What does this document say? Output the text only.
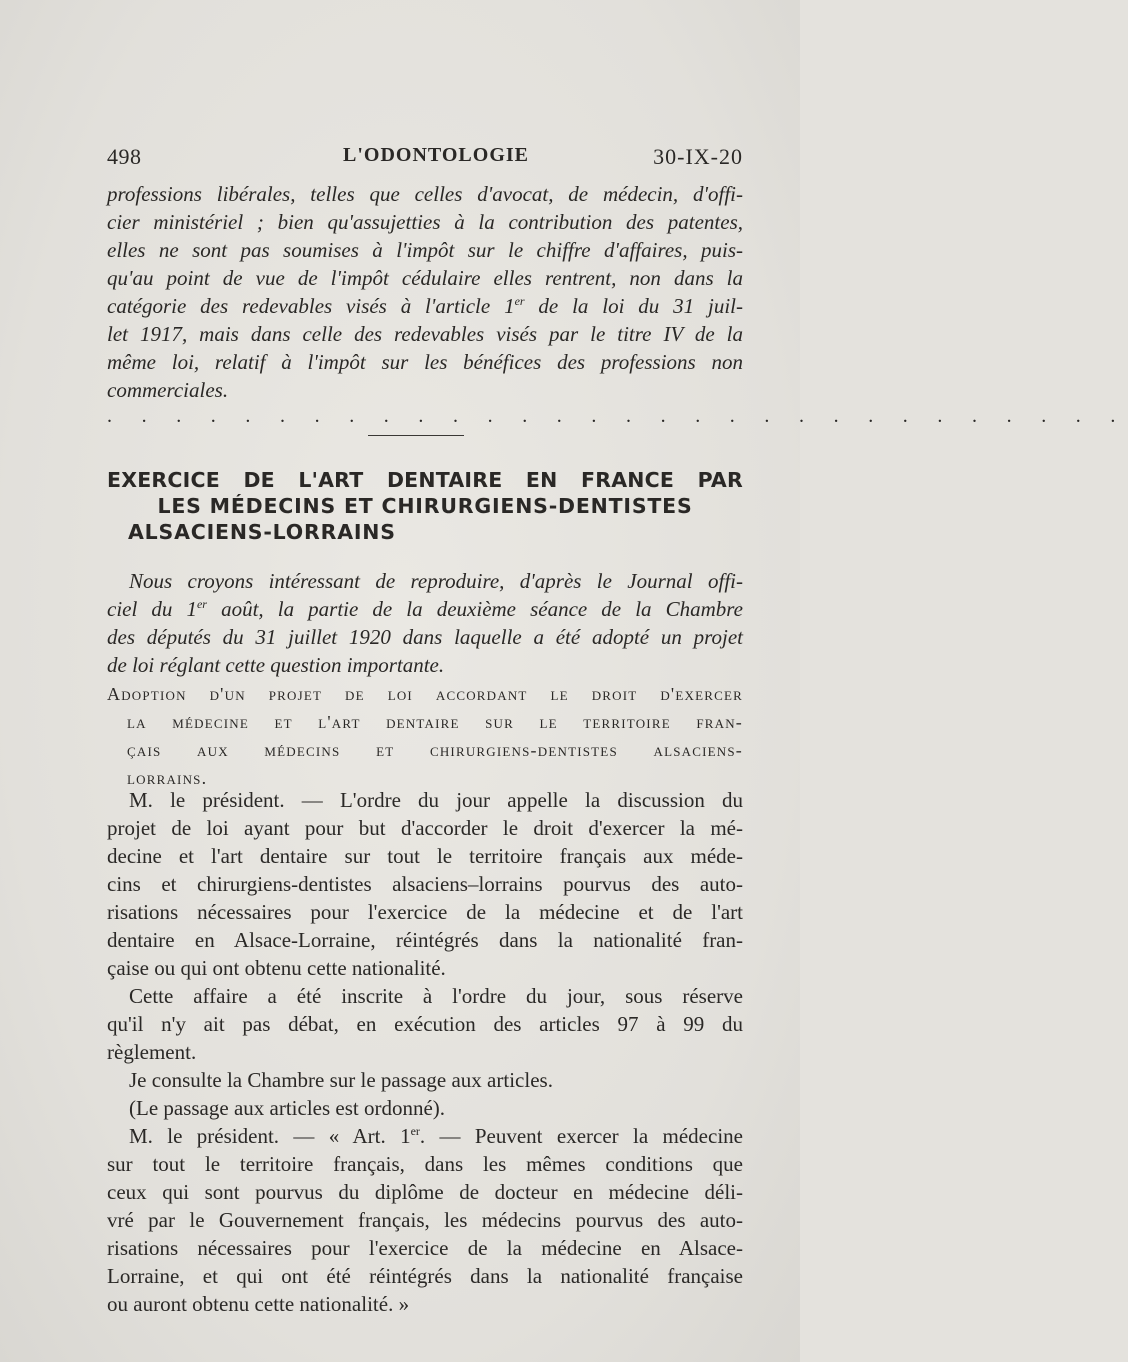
498	L'ODONTOLOGIE	30-IX-20
professions libérales, telles que celles d'avocat, de médecin, d'offi-
cier ministériel ; bien qu'assujetties à la contribution des patentes,
elles ne sont pas soumises à l'impôt sur le chiffre d'affaires, puis-
qu'au point de vue de l'impôt cédulaire elles rentrent, non dans la
catégorie des redevables visés à l'article 1er de la loi du 31 juil-
let 1917, mais dans celle des redevables visés par le titre IV de la
même loi, relatif à l'impôt sur les bénéfices des professions non
commerciales.
. . . . . . . . . . . . . . . . . . . . . . . . . . . . . .
EXERCICE DE L'ART DENTAIRE EN FRANCE PAR
LES MÉDECINS ET CHIRURGIENS-DENTISTES
ALSACIENS-LORRAINS
Nous croyons intéressant de reproduire, d'après le Journal offi-
ciel du 1er août, la partie de la deuxième séance de la Chambre
des députés du 31 juillet 1920 dans laquelle a été adopté un projet
de loi réglant cette question importante.
Adoption d'un projet de loi accordant le droit d'exercer
la médecine et l'art dentaire sur le territoire fran-
çais aux médecins et chirurgiens-dentistes alsaciens-
lorrains.
M. le président. — L'ordre du jour appelle la discussion du
projet de loi ayant pour but d'accorder le droit d'exercer la mé-
decine et l'art dentaire sur tout le territoire français aux méde-
cins et chirurgiens-dentistes alsaciens–lorrains pourvus des auto-
risations nécessaires pour l'exercice de la médecine et de l'art
dentaire en Alsace-Lorraine, réintégrés dans la nationalité fran-
çaise ou qui ont obtenu cette nationalité.
Cette affaire a été inscrite à l'ordre du jour, sous réserve
qu'il n'y ait pas débat, en exécution des articles 97 à 99 du
règlement.
Je consulte la Chambre sur le passage aux articles.
(Le passage aux articles est ordonné).
M. le président. — « Art. 1er. — Peuvent exercer la médecine
sur tout le territoire français, dans les mêmes conditions que
ceux qui sont pourvus du diplôme de docteur en médecine déli-
vré par le Gouvernement français, les médecins pourvus des auto-
risations nécessaires pour l'exercice de la médecine en Alsace-
Lorraine, et qui ont été réintégrés dans la nationalité française
ou auront obtenu cette nationalité. »
